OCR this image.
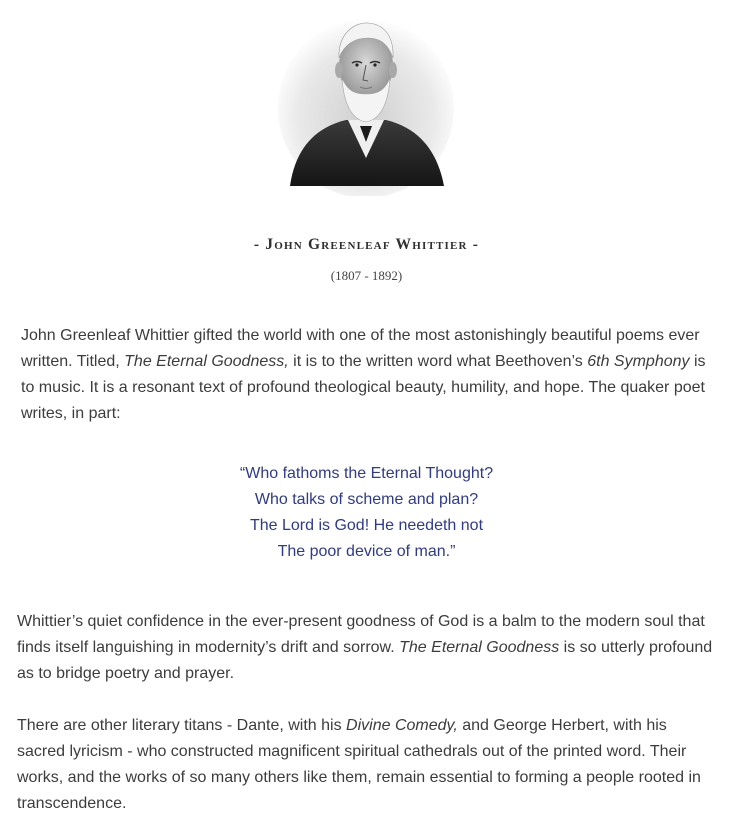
- John Greenleaf Whittier -
(1807 - 1892)

John Greenleaf Whittier gifted the world with one of the most astonishingly beautiful poems ever written. Titled, The Eternal Goodness, it is to the written word what Beethoven’s 6th Symphony is to music. It is a resonant text of profound theological beauty, humility, and hope. The quaker poet writes, in part:

“Who fathoms the Eternal Thought?
Who talks of scheme and plan?
The Lord is God! He needeth not
The poor device of man.”

Whittier’s quiet confidence in the ever-present goodness of God is a balm to the modern soul that finds itself languishing in modernity’s drift and sorrow. The Eternal Goodness is so utterly profound as to bridge poetry and prayer.

There are other literary titans - Dante, with his Divine Comedy, and George Herbert, with his sacred lyricism - who constructed magnificent spiritual cathedrals out of the printed word. Their works, and the works of so many others like them, remain essential to forming a people rooted in transcendence.
